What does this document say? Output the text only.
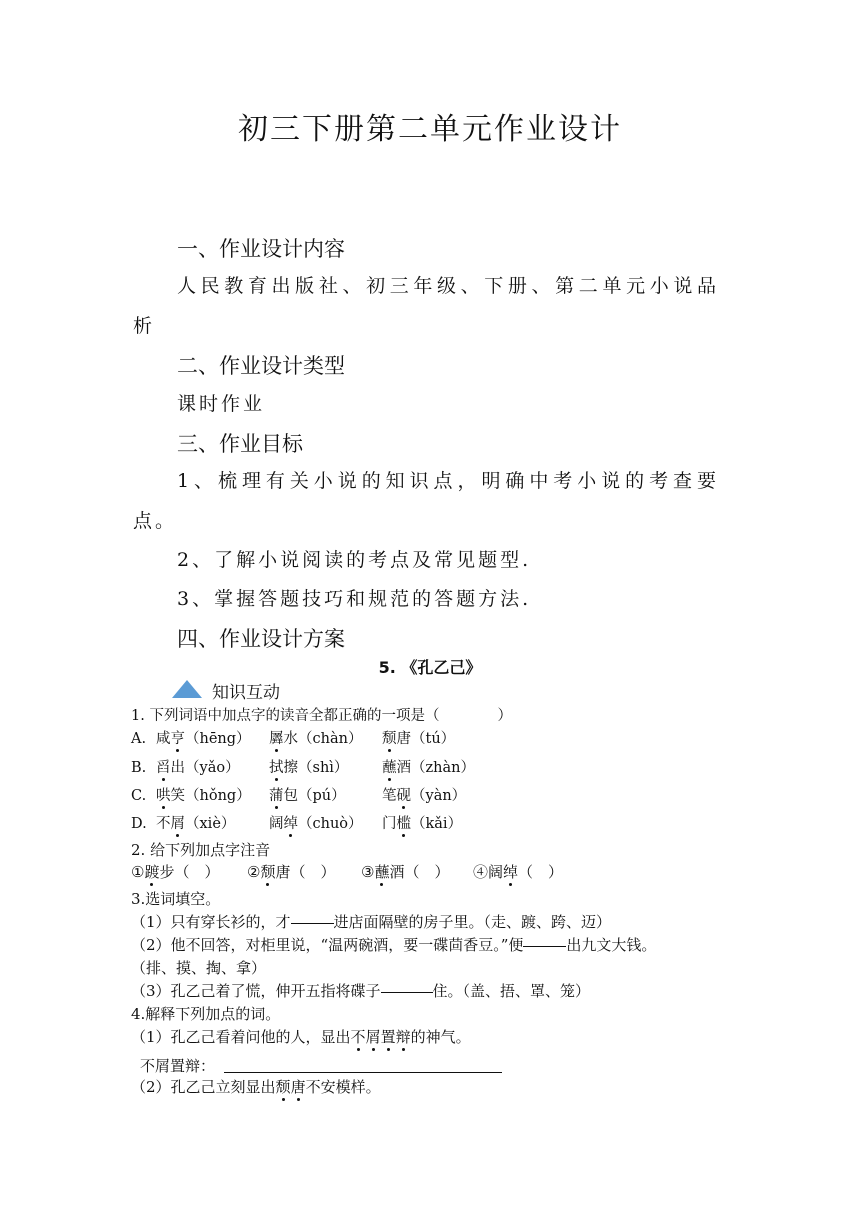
初三下册第二单元作业设计
一、作业设计内容
人民教育出版社、初三年级、下册、第二单元小说品
析
二、作业设计类型
课时作业
三、作业目标
1、梳理有关小说的知识点，明确中考小说的考查要
点。
2、了解小说阅读的考点及常见题型.
3、掌握答题技巧和规范的答题方法.
四、作业设计方案
5. 《孔乙己》
知识互动
1. 下列词语中加点字的读音全都正确的一项是（　　　　）
A. 咸亨（hēng） 羼水（chàn） 颓唐（tú）
B. 舀出（yǎo） 拭擦（shì） 蘸酒（zhàn）
C. 哄笑（hǒng） 蒲包（pú）	笔砚（yàn）
D. 不屑（xiè） 阔绰（chuò） 门槛（kǎi）
2. 给下列加点字注音
①踱步（　） ②颓唐（　） ③蘸酒（　） ④阔绰（　）
3.选词填空。
（1）只有穿长衫的，才	进店面隔壁的房子里。（走、踱、跨、迈）
（2）他不回答，对柜里说，“温两碗酒，要一碟茴香豆。”便	出九文大钱。
（排、摸、掏、拿）
（3）孔乙己着了慌，伸开五指将碟子	住。（盖、捂、罩、笼）
4.解释下列加点的词。
（1）孔乙己看着问他的人，显出不屑置辩的神气。
不屑置辩：
（2）孔乙己立刻显出颓唐不安模样。
